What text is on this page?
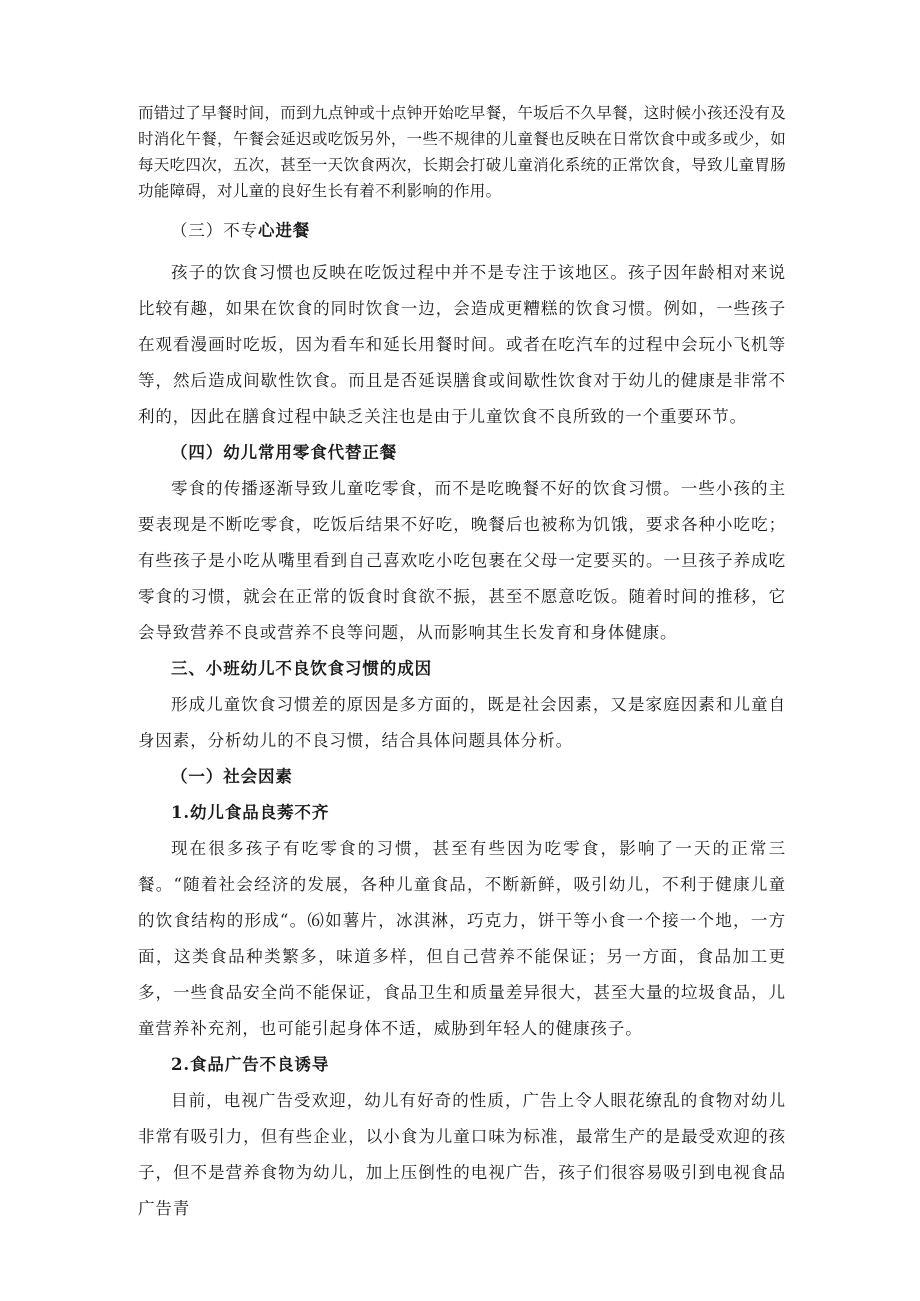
而错过了早餐时间，而到九点钟或十点钟开始吃早餐，午坂后不久早餐，这时候小孩还没有及时消化午餐，午餐会延迟或吃饭另外，一些不规律的儿童餐也反映在日常饮食中或多或少，如每天吃四次，五次，甚至一天饮食两次，长期会打破儿童消化系统的正常饮食，导致儿童胃肠功能障碍，对儿童的良好生长有着不利影响的作用。

（三）不专心进餐

孩子的饮食习惯也反映在吃饭过程中并不是专注于该地区。孩子因年龄相对来说比较有趣，如果在饮食的同时饮食一边，会造成更糟糕的饮食习惯。例如，一些孩子在观看漫画时吃坂，因为看车和延长用餐时间。或者在吃汽车的过程中会玩小飞机等等，然后造成间歇性饮食。而且是否延误膳食或间歇性饮食对于幼儿的健康是非常不利的，因此在膳食过程中缺乏关注也是由于儿童饮食不良所致的一个重要环节。

（四）幼儿常用零食代替正餐

零食的传播逐渐导致儿童吃零食，而不是吃晚餐不好的饮食习惯。一些小孩的主要表现是不断吃零食，吃饭后结果不好吃，晚餐后也被称为饥饿，要求各种小吃吃；有些孩子是小吃从嘴里看到自己喜欢吃小吃包裹在父母一定要买的。一旦孩子养成吃零食的习惯，就会在正常的饭食时食欲不振，甚至不愿意吃饭。随着时间的推移，它会导致营养不良或营养不良等问题，从而影响其生长发育和身体健康。

三、小班幼儿不良饮食习惯的成因

形成儿童饮食习惯差的原因是多方面的，既是社会因素，又是家庭因素和儿童自身因素，分析幼儿的不良习惯，结合具体问题具体分析。

（一）社会因素

1.幼儿食品良莠不齐

现在很多孩子有吃零食的习惯，甚至有些因为吃零食，影响了一天的正常三餐。“随着社会经济的发展，各种儿童食品，不断新鲜，吸引幼儿，不利于健康儿童的饮食结构的形成“。⑹如薯片，冰淇淋，巧克力，饼干等小食一个接一个地，一方面，这类食品种类繁多，味道多样，但自己营养不能保证；另一方面，食品加工更多，一些食品安全尚不能保证，食品卫生和质量差异很大，甚至大量的垃圾食品，儿童营养补充剂，也可能引起身体不适，威胁到年轻人的健康孩子。

2.食品广告不良诱导

目前，电视广告受欢迎，幼儿有好奇的性质，广告上令人眼花缭乱的食物对幼儿非常有吸引力，但有些企业，以小食为儿童口味为标准，最常生产的是最受欢迎的孩子，但不是营养食物为幼儿，加上压倒性的电视广告，孩子们很容易吸引到电视食品广告青
